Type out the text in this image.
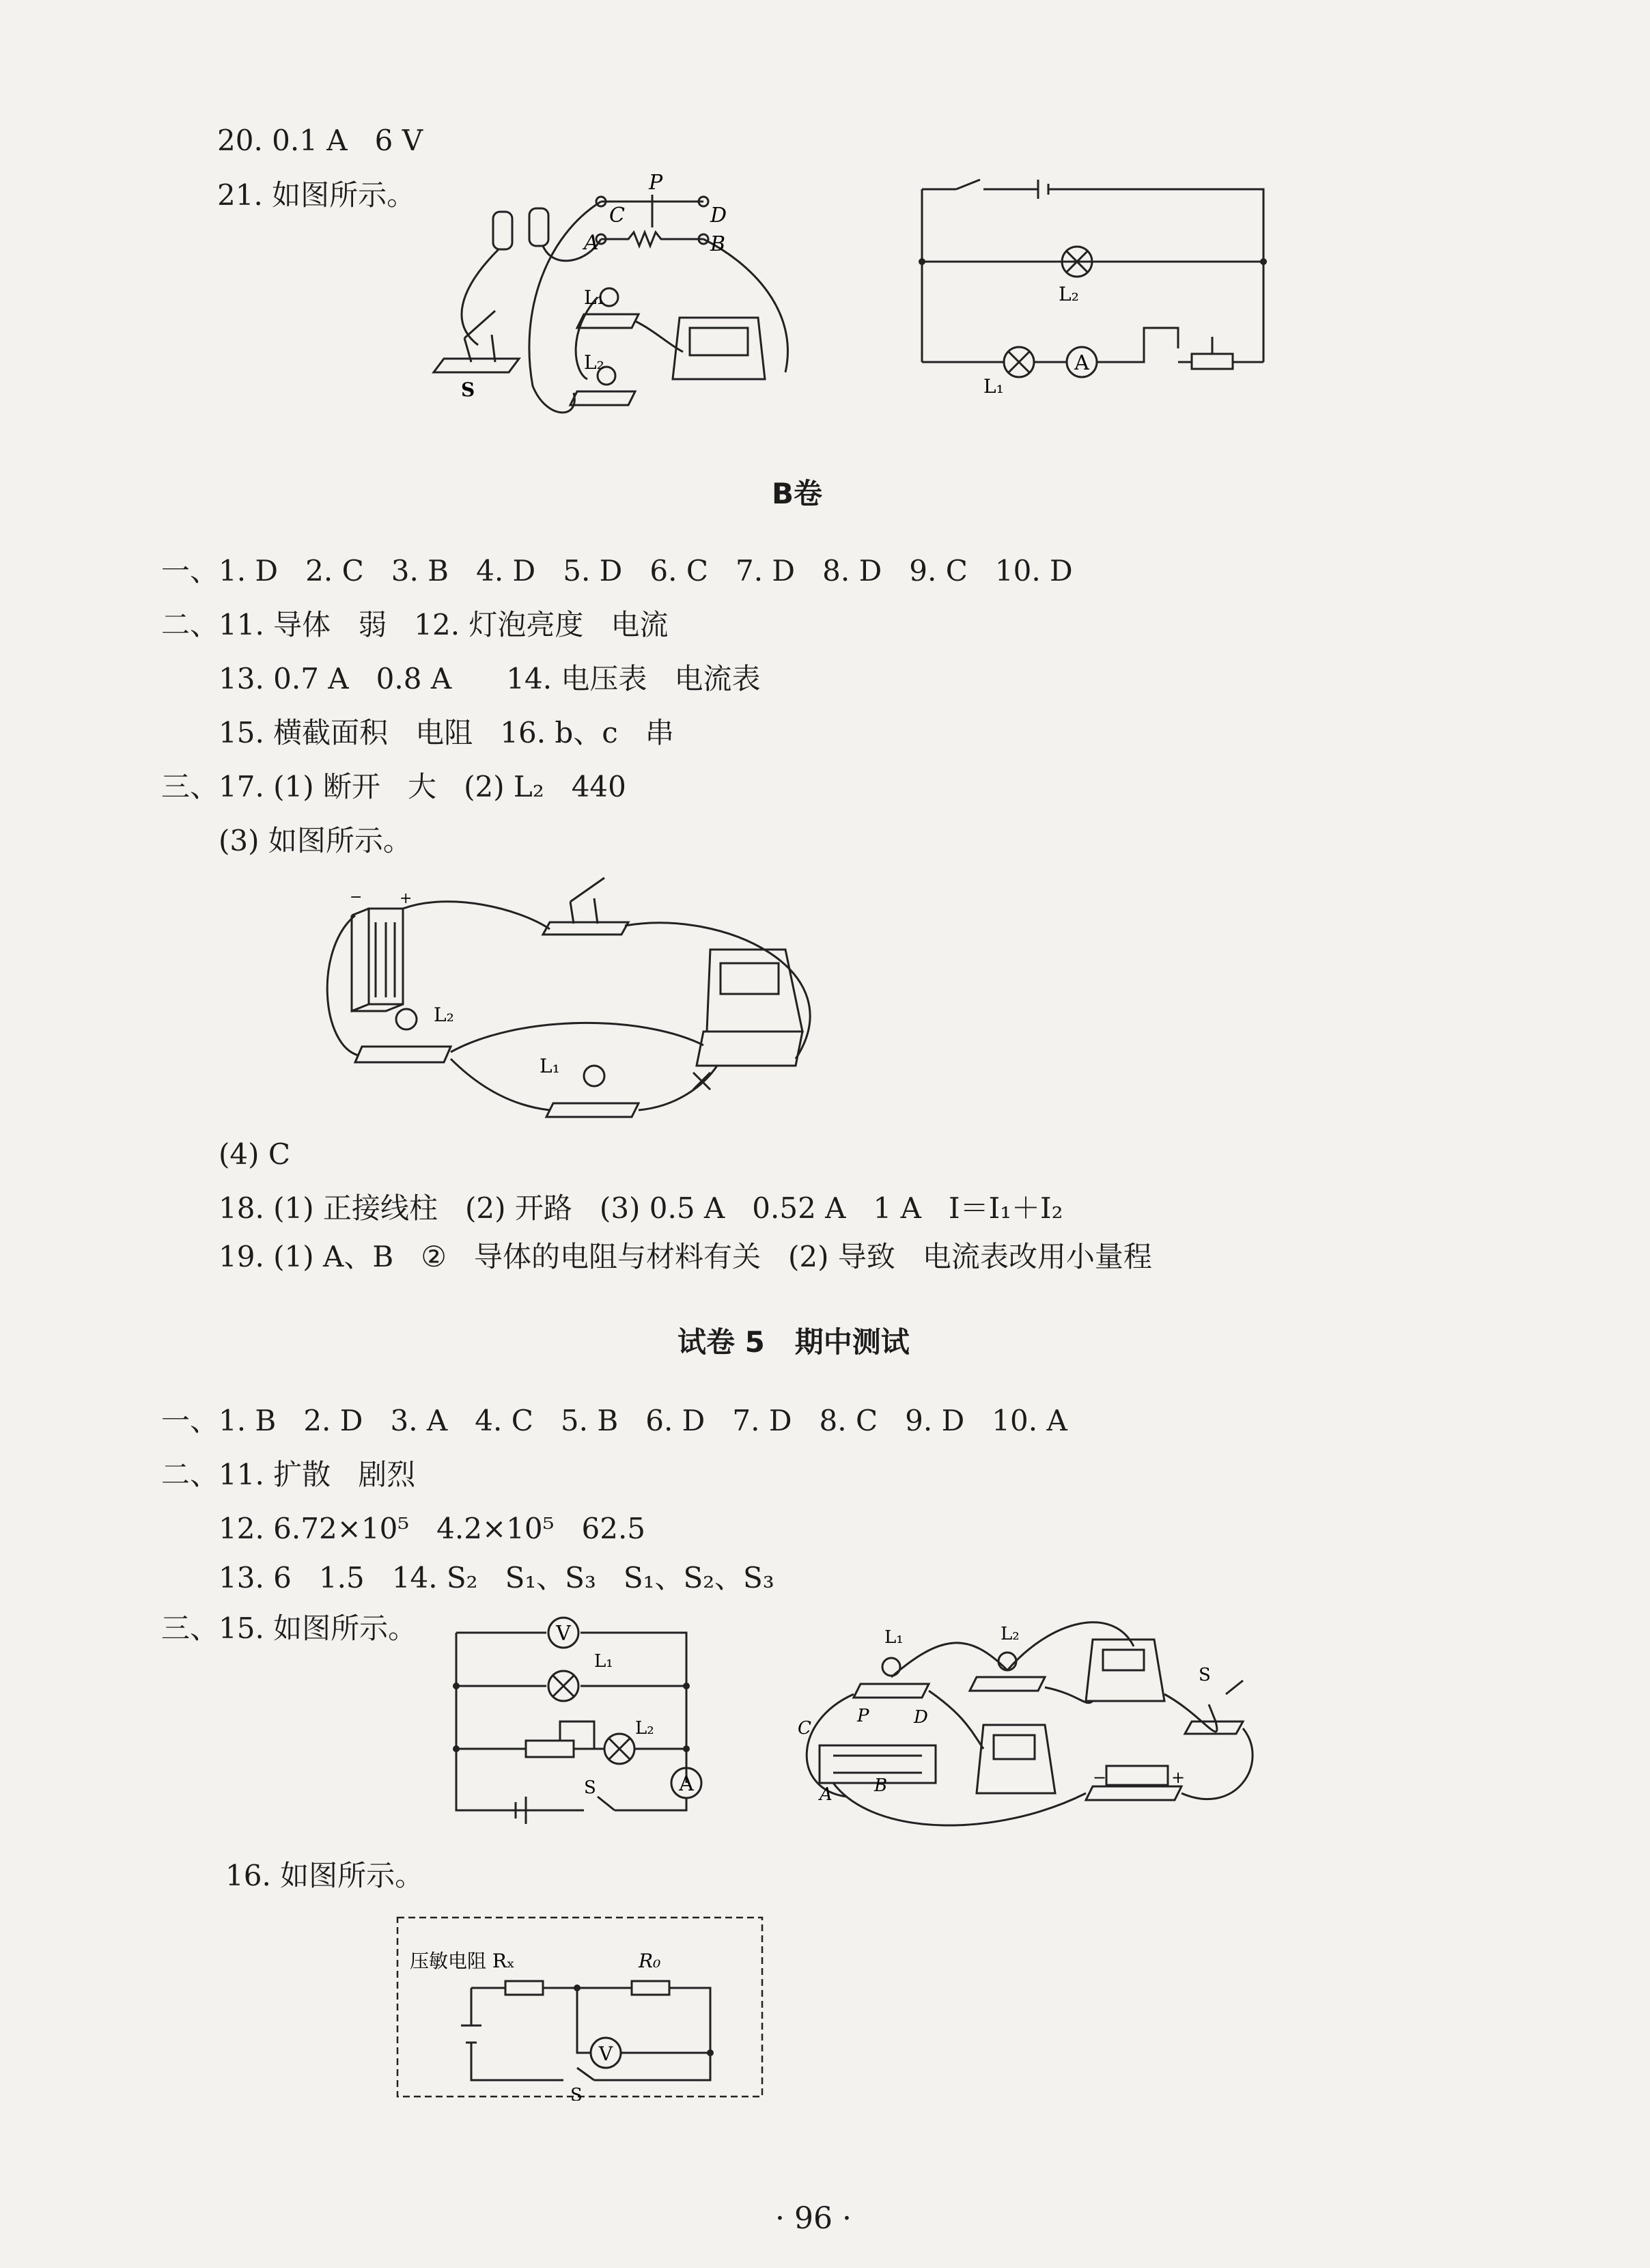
20. 0.1 A   6 V
21. 如图所示。	P
C	D
A	B
L₁
L₂
S
A
L₂
L₁
B卷
一、1. D   2. C   3. B   4. D   5. D   6. C   7. D   8. D   9. C   10. D
二、11. 导体   弱   12. 灯泡亮度   电流
13. 0.7 A   0.8 A      14. 电压表   电流表
15. 横截面积   电阻   16. b、c   串
三、17. (1) 断开   大   (2) L₂   440
(3) 如图所示。
− +
L₂
L₁
(4) C
18. (1) 正接线柱   (2) 开路   (3) 0.5 A   0.52 A   1 A   I＝I₁＋I₂
19. (1) A、B   ②   导体的电阻与材料有关   (2) 导致   电流表改用小量程
试卷 5   期中测试
一、1. B   2. D   3. A   4. C   5. B   6. D   7. D   8. C   9. D   10. A
二、11. 扩散   剧烈
12. 6.72×10⁵   4.2×10⁵   62.5
13. 6   1.5   14. S₂   S₁、S₃   S₁、S₂、S₃
三、15. 如图所示。	V
A
L₁
L₂
S
L₁	L₂
S
C
P	D
A B	−	+
16. 如图所示。
压敏电阻 Rₓ	R₀
V
S
· 96 ·
